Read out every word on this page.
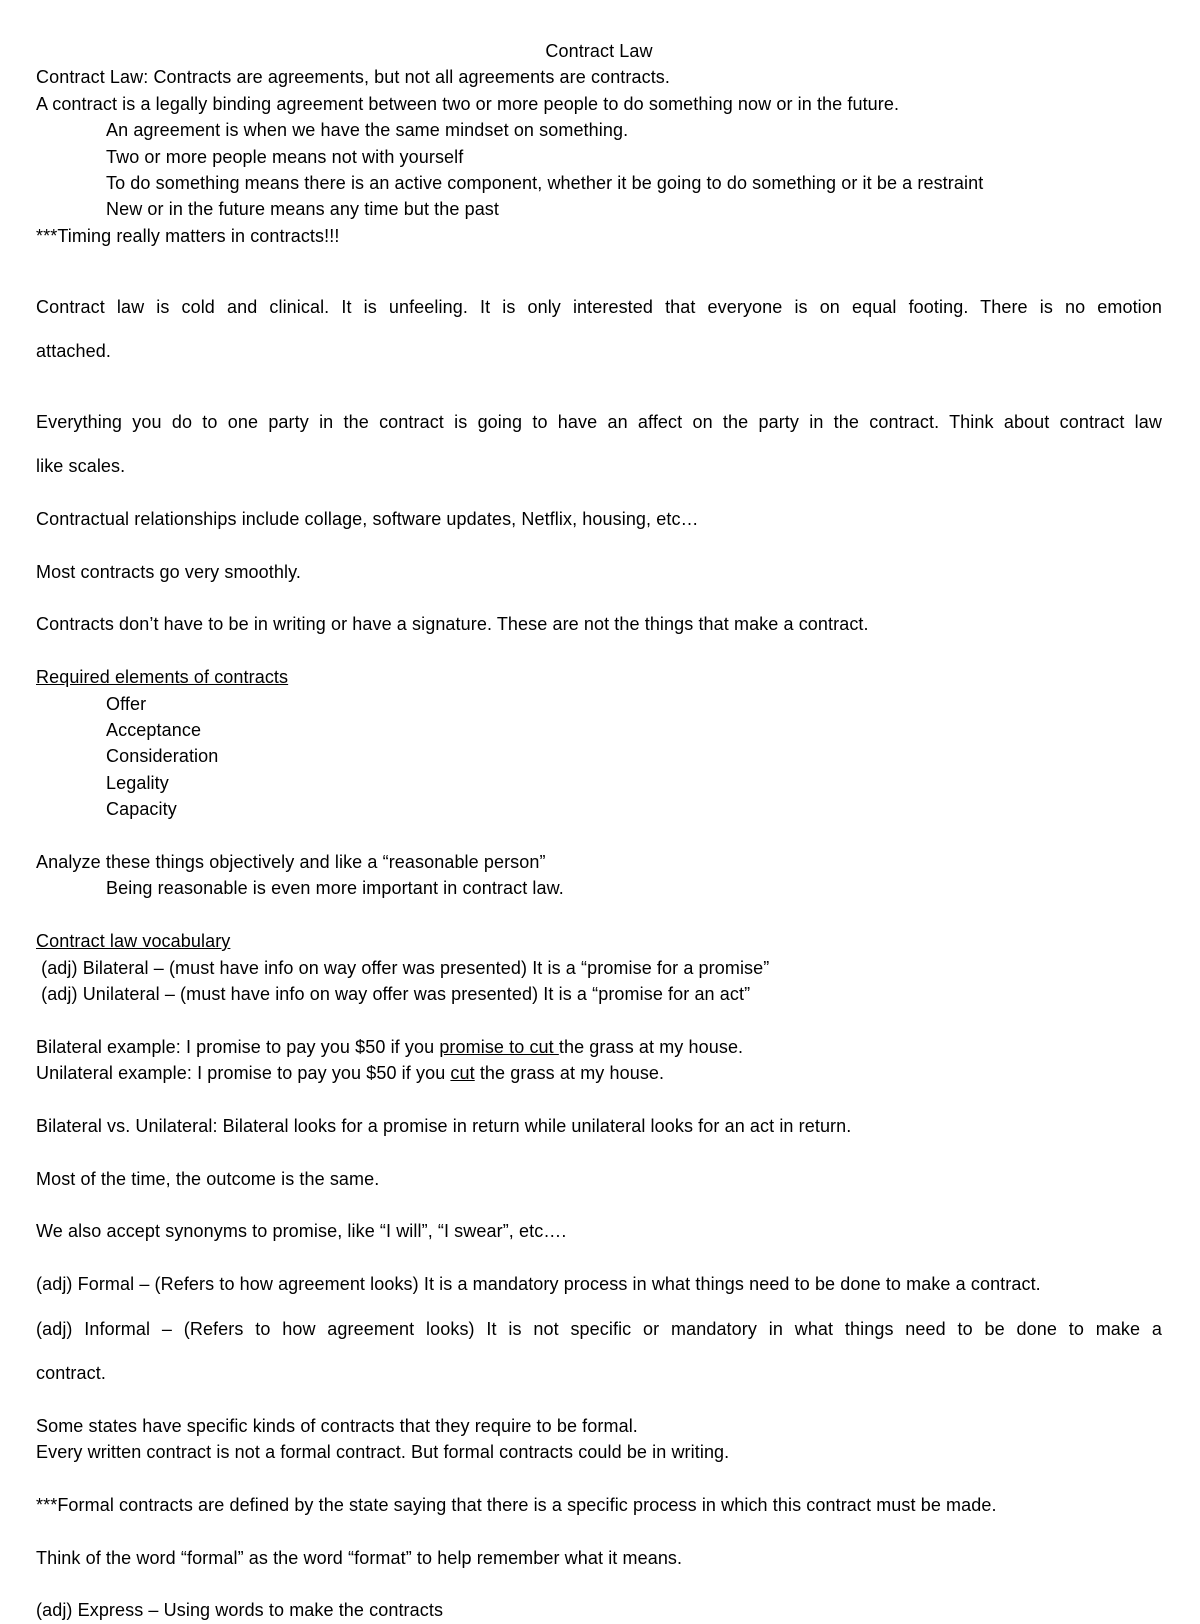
Contract Law

Contract Law: Contracts are agreements, but not all agreements are contracts.

A contract is a legally binding agreement between two or more people to do something now or in the future.

An agreement is when we have the same mindset on something.

Two or more people means not with yourself

To do something means there is an active component, whether it be going to do something or it be a restraint

New or in the future means any time but the past

***Timing really matters in contracts!!!

Contract law is cold and clinical. It is unfeeling. It is only interested that everyone is on equal footing. There is no emotion

attached.

Everything you do to one party in the contract is going to have an affect on the party in the contract. Think about contract law

like scales.

Contractual relationships include collage, software updates, Netflix, housing, etc…

Most contracts go very smoothly.

Contracts don’t have to be in writing or have a signature. These are not the things that make a contract.

Required elements of contracts

Offer

Acceptance

Consideration

Legality

Capacity

Analyze these things objectively and like a “reasonable person”

Being reasonable is even more important in contract law.

Contract law vocabulary

(adj) Bilateral – (must have info on way offer was presented) It is a “promise for a promise”

(adj) Unilateral – (must have info on way offer was presented) It is a “promise for an act”

Bilateral example: I promise to pay you $50 if you promise to cut the grass at my house.

Unilateral example: I promise to pay you $50 if you cut the grass at my house.

Bilateral vs. Unilateral: Bilateral looks for a promise in return while unilateral looks for an act in return.

Most of the time, the outcome is the same.

We also accept synonyms to promise, like “I will”, “I swear”, etc….

(adj) Formal – (Refers to how agreement looks) It is a mandatory process in what things need to be done to make a contract.

(adj) Informal – (Refers to how agreement looks) It is not specific or mandatory in what things need to be done to make a

contract.

Some states have specific kinds of contracts that they require to be formal.

Every written contract is not a formal contract. But formal contracts could be in writing.

***Formal contracts are defined by the state saying that there is a specific process in which this contract must be made.

Think of the word “formal” as the word “format” to help remember what it means.

(adj) Express – Using words to make the contracts
